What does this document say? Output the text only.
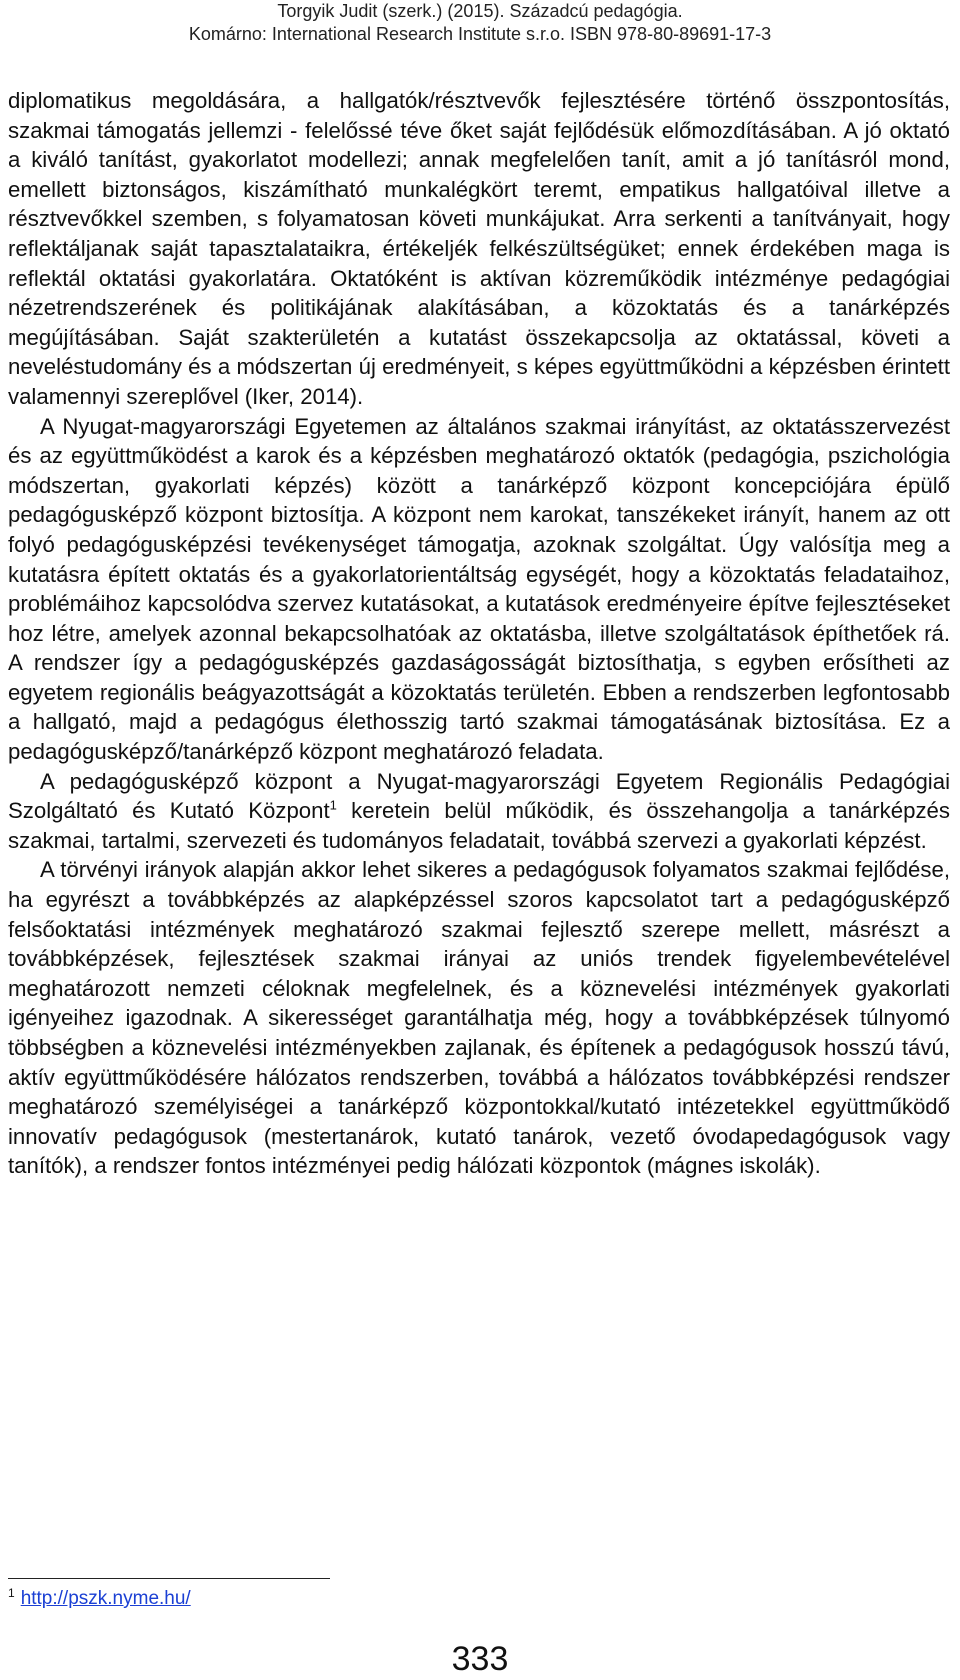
Torgyik Judit (szerk.) (2015). Századcú pedagógia.
Komárno: International Research Institute s.r.o. ISBN 978-80-89691-17-3

diplomatikus megoldására, a hallgatók/résztvevők fejlesztésére történő összpontosítás, szakmai támogatás jellemzi - felelőssé téve őket saját fejlődésük előmozdításában. A jó oktató a kiváló tanítást, gyakorlatot modellezi; annak megfelelően tanít, amit a jó tanításról mond, emellett biztonságos, kiszámítható munkalégkört teremt, empatikus hallgatóival illetve a résztvevőkkel szemben, s folyamatosan követi munkájukat. Arra serkenti a tanítványait, hogy reflektáljanak saját tapasztalataikra, értékeljék felkészültségüket; ennek érdekében maga is reflektál oktatási gyakorlatára. Oktatóként is aktívan közreműködik intézménye pedagógiai nézetrendszerének és politikájának alakításában, a közoktatás és a tanárképzés megújításában. Saját szakterületén a kutatást összekapcsolja az oktatással, követi a neveléstudomány és a módszertan új eredményeit, s képes együttműködni a képzésben érintett valamennyi szereplővel (Iker, 2014).

A Nyugat-magyarországi Egyetemen az általános szakmai irányítást, az oktatásszervezést és az együttműködést a karok és a képzésben meghatározó oktatók (pedagógia, pszichológia módszertan, gyakorlati képzés) között a tanárképző központ koncepciójára épülő pedagógusképző központ biztosítja. A központ nem karokat, tanszékeket irányít, hanem az ott folyó pedagógusképzési tevékenységet támogatja, azoknak szolgáltat. Úgy valósítja meg a kutatásra épített oktatás és a gyakorlatorientáltság egységét, hogy a közoktatás feladataihoz, problémáihoz kapcsolódva szervez kutatásokat, a kutatások eredményeire építve fejlesztéseket hoz létre, amelyek azonnal bekapcsolhatóak az oktatásba, illetve szolgáltatások építhetőek rá. A rendszer így a pedagógusképzés gazdaságosságát biztosíthatja, s egyben erősítheti az egyetem regionális beágyazottságát a közoktatás területén. Ebben a rendszerben legfontosabb a hallgató, majd a pedagógus élethosszig tartó szakmai támogatásának biztosítása. Ez a pedagógusképző/tanárképző központ meghatározó feladata.

A pedagógusképző központ a Nyugat-magyarországi Egyetem Regionális Pedagógiai Szolgáltató és Kutató Központ$^1$ keretein belül működik, és összehangolja a tanárképzés szakmai, tartalmi, szervezeti és tudományos feladatait, továbbá szervezi a gyakorlati képzést.

A törvényi irányok alapján akkor lehet sikeres a pedagógusok folyamatos szakmai fejlődése, ha egyrészt a továbbképzés az alapképzéssel szoros kapcsolatot tart a pedagógusképző felsőoktatási intézmények meghatározó szakmai fejlesztő szerepe mellett, másrészt a továbbképzések, fejlesztések szakmai irányai az uniós trendek figyelembevételével meghatározott nemzeti céloknak megfelelnek, és a köznevelési intézmények gyakorlati igényeihez igazodnak. A sikerességet garantálhatja még, hogy a továbbképzések túlnyomó többségben a köznevelési intézményekben zajlanak, és építenek a pedagógusok hosszú távú, aktív együttműködésére hálózatos rendszerben, továbbá a hálózatos továbbképzési rendszer meghatározó személyiségei a tanárképző központokkal/kutató intézetekkel együttműködő innovatív pedagógusok (mestertanárok, kutató tanárok, vezető óvodapedagógusok vagy tanítók), a rendszer fontos intézményei pedig hálózati központok (mágnes iskolák).

$^1$ http://pszk.nyme.hu/
333
